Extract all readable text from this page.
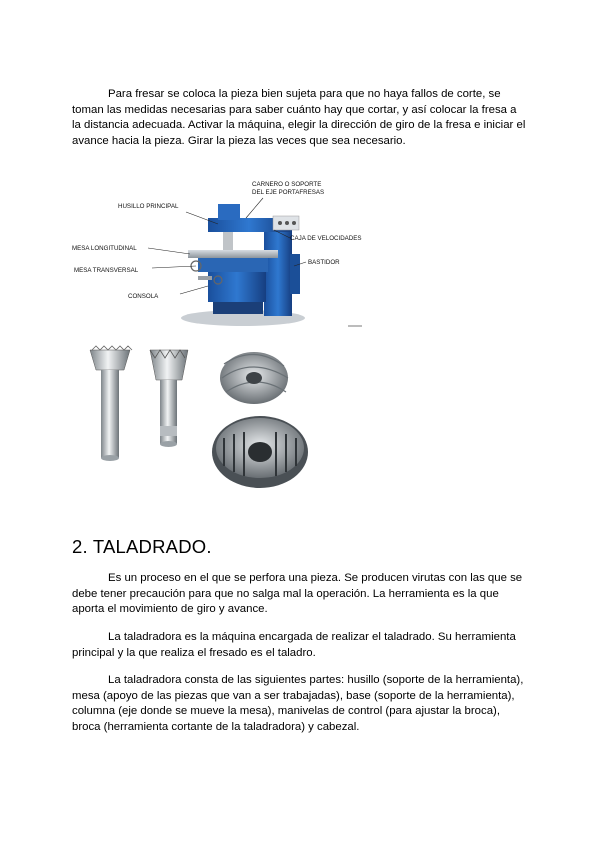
Para fresar se coloca la pieza bien sujeta para que no haya fallos de corte, se toman las medidas necesarias para saber cuánto hay que cortar, y así colocar la fresa a la distancia adecuada. Activar la máquina, elegir la dirección de giro de la fresa e iniciar el avance hacia la pieza. Girar la pieza las veces que sea necesario.

CARNERO O SOPORTE
DEL EJE PORTAFRESAS
HUSILLO PRINCIPAL
CAJA DE VELOCIDADES
MESA LONGITUDINAL
BASTIDOR
MESA TRANSVERSAL
CONSOLA
2. TALADRADO.

Es un proceso en el que se perfora una pieza. Se producen virutas con las que se debe tener precaución para que no salga mal la operación. La herramienta es la que aporta el movimiento de giro y avance.

La taladradora es la máquina encargada de realizar el taladrado. Su herramienta principal y la que realiza el fresado es el taladro.

La taladradora consta de las siguientes partes: husillo (soporte de la herramienta), mesa (apoyo de las piezas que van a ser trabajadas), base (soporte de la herramienta), columna (eje donde se mueve la mesa), manivelas de control (para ajustar la broca), broca (herramienta cortante de la taladradora) y cabezal.
